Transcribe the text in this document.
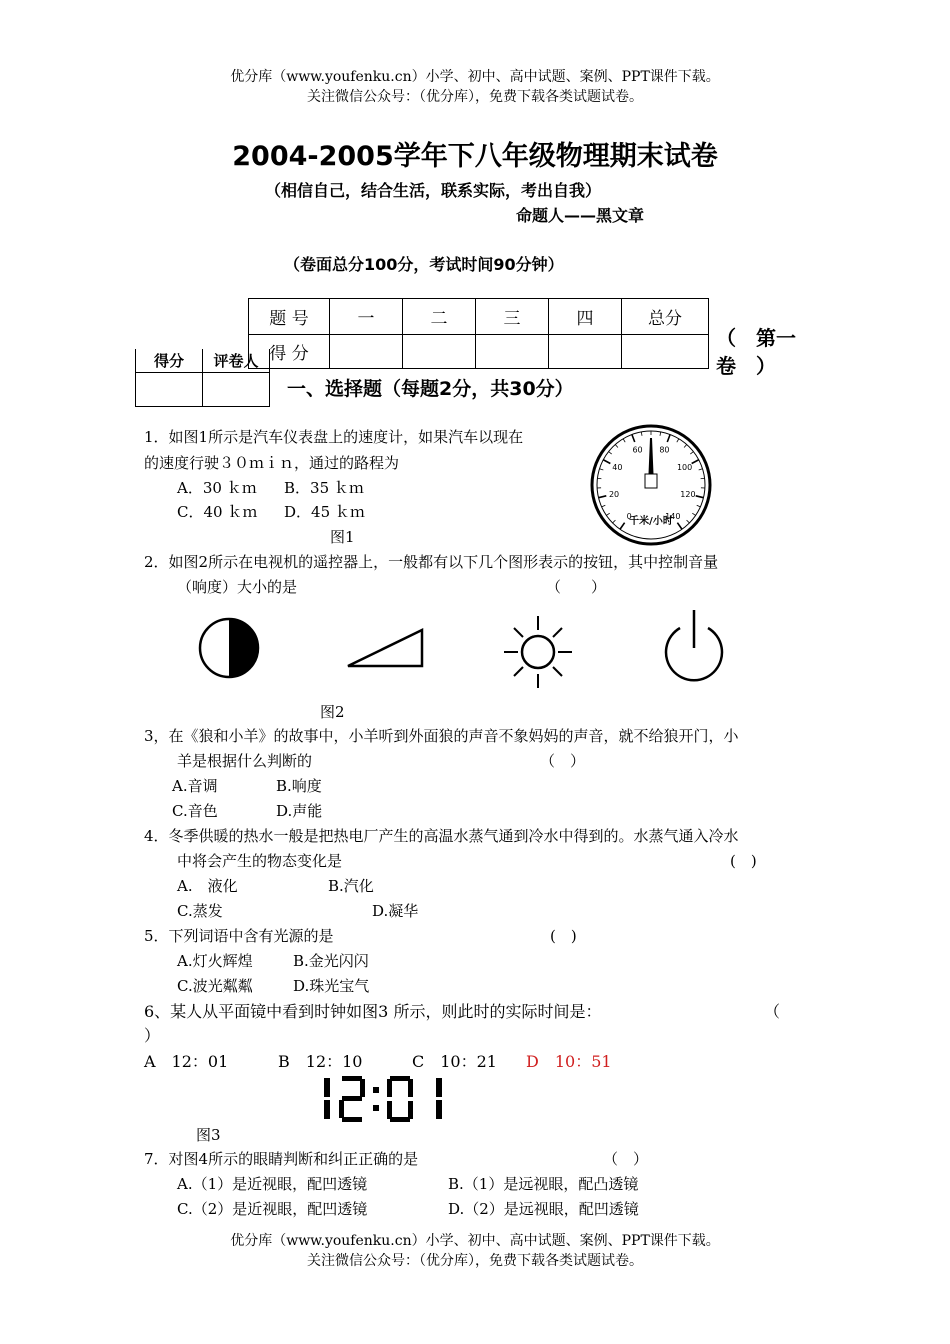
优分库（www.youfenku.cn）小学、初中、高中试题、案例、PPT课件下载。
关注微信公众号：（优分库），免费下载各类试题试卷。
2004-2005学年下八年级物理期末试卷
（相信自己，结合生活，联系实际，考出自我）
命题人——黑文章
（卷面总分100分，考试时间90分钟）
题 号	一	二	三	四	总分
得 分					
（　第一
卷　）
得分	评卷人

一、选择题（每题2分，共30分）
1．如图1所示是汽车仪表盘上的速度计，如果汽车以现在
的速度行驶３０ｍｉｎ，通过的路程为
A．30 ｋｍ B．35 ｋｍ
C．40 ｋｍ D．45 ｋｍ
图1
0
20
40
60 80
100
120
140
千米/小时
2．如图2所示在电视机的遥控器上，一般都有以下几个图形表示的按钮，其中控制音量
（响度）大小的是	（　　）
图2
3，在《狼和小羊》的故事中，小羊听到外面狼的声音不象妈妈的声音，就不给狼开门，小
羊是根据什么判断的	（　）
A.音调	B.响度
C.音色	D.声能
4．冬季供暖的热水一般是把热电厂产生的高温水蒸气通到冷水中得到的。水蒸气通入冷水
中将会产生的物态变化是	(　)
A.　液化	B.汽化
C.蒸发	D.凝华
5．下列词语中含有光源的是	(　)
A.灯火辉煌	B.金光闪闪
C.波光粼粼	D.珠光宝气
6、某人从平面镜中看到时钟如图3 所示，则此时的实际时间是：	（
）
A　12：01	B　12：10	C　10：21 D　10：51
12:01
图3
7．对图4所示的眼睛判断和纠正正确的是	（　）
A.（1）是近视眼，配凹透镜	B.（1）是远视眼，配凸透镜
C.（2）是近视眼，配凹透镜	D.（2）是远视眼，配凹透镜
优分库（www.youfenku.cn）小学、初中、高中试题、案例、PPT课件下载。
关注微信公众号：（优分库），免费下载各类试题试卷。
